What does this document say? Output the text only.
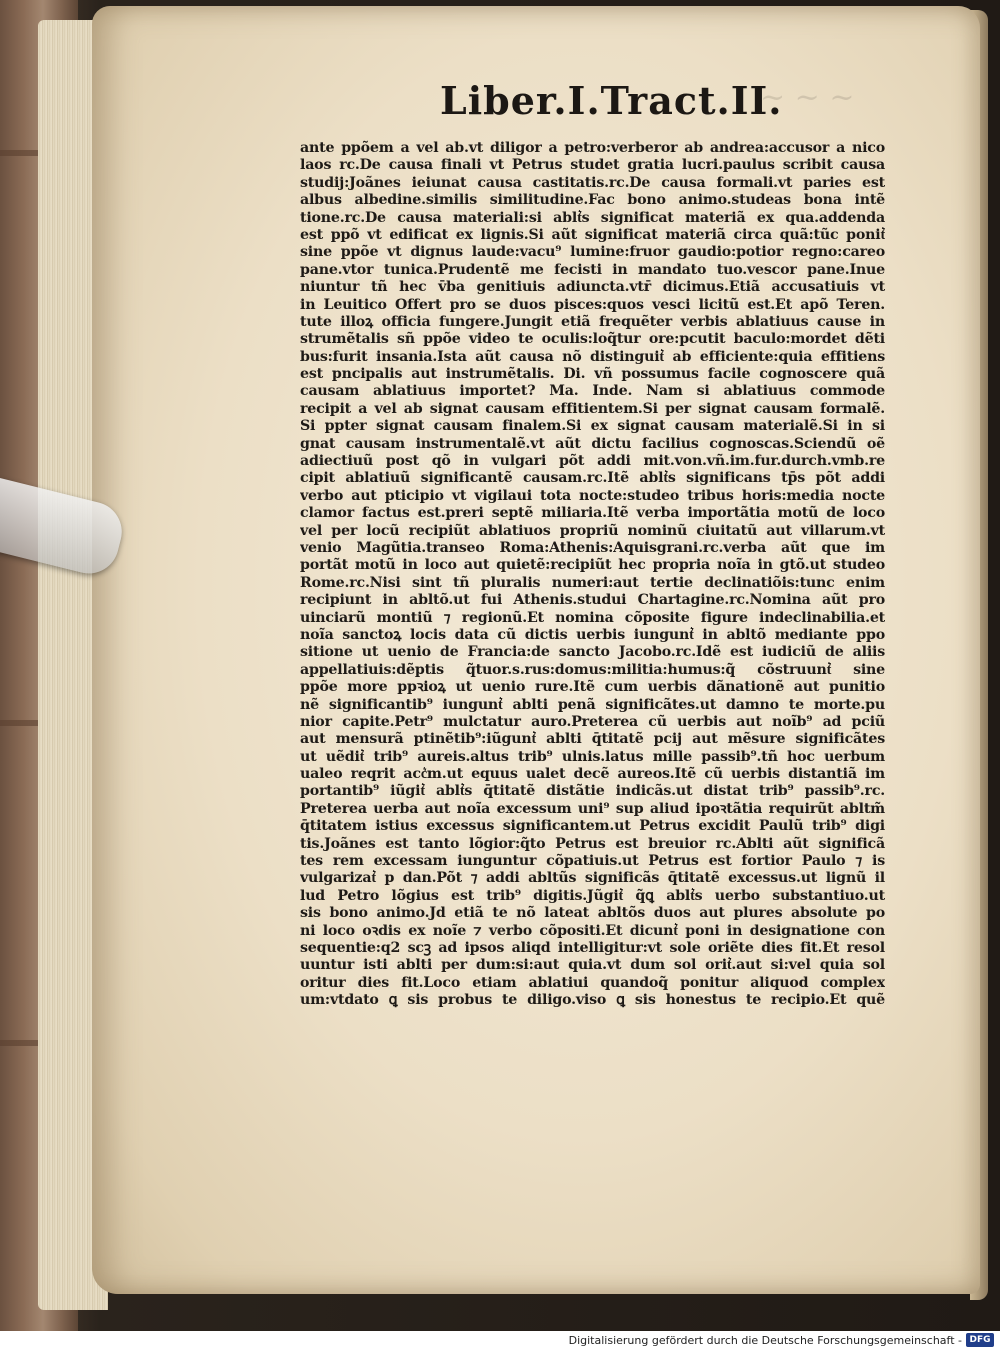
Liber.I.Tract.II.
~ ~ ~
ante ppõem a vel ab.vt diligor a petro:verberor ab andrea:accusor a nico
laos rc.De causa finali vt Petrus studet gratia lucri.paulus scribit causa
studij:Joãnes ieiunat causa castitatis.rc.De causa formali.vt paries est
albus albedine.similis similitudine.Fac bono animo.studeas bona intẽ
tione.rc.De causa materiali:si ablt͛s significat materiã ex qua.addenda
est ppõ vt edificat ex lignis.Si aũt significat materiã circa quã:tũc ponit͛
sine ppõe vt dignus laude:vacu⁹ lumine:fruor gaudio:potior regno:careo
pane.vtor tunica.Prudentẽ me fecisti in mandato tuo.vescor pane.Inue
niuntur tñ hec v̄ba genitiuis adiuncta.vtr̄ dicimus.Etiã accusatiuis vt
in Leuitico Offert pro se duos pisces:quos vesci licitũ est.Et apõ Teren.
tute illoꝝ officia fungere.Jungit etiã frequẽter verbis ablatiuus cause in
strumẽtalis sñ ppõe video te oculis:loq̃tur ore:pcutit baculo:mordet dẽti
bus:furit insania.Ista aũt causa nõ distinguit͛ ab efficiente:quia effitiens
est pncipalis aut instrumẽtalis. Di. vñ possumus facile cognoscere quã
causam ablatiuus importet? Ma. Inde. Nam si ablatiuus commode
recipit a vel ab signat causam effitientem.Si per signat causam formalẽ.
Si ppter signat causam finalem.Si ex signat causam materialẽ.Si in si
gnat causam instrumentalẽ.vt aũt dictu facilius cognoscas.Sciendũ oẽ
adiectiuũ post qõ in vulgari põt addi mit.von.vñ.im.fur.durch.vmb.re
cipit ablatiuũ significantẽ causam.rc.Itẽ ablt͛s significans tp̄s põt addi
verbo aut pticipio vt vigilaui tota nocte:studeo tribus horis:media nocte
clamor factus est.preri septẽ miliaria.Itẽ verba importãtia motũ de loco
vel per locũ recipiũt ablatiuos propriũ nominũ ciuitatũ aut villarum.vt
venio Magũtia.transeo Roma:Athenis:Aquisgrani.rc.verba aũt que im
portãt motũ in loco aut quietẽ:recipiũt hec propria noĩa in gtõ.ut studeo
Rome.rc.Nisi sint tñ pluralis numeri:aut tertie declinatiõis:tunc enim
recipiunt in abltõ.ut fui Athenis.studui Chartagine.rc.Nomina aũt pro
uinciarũ montiũ ⁊ regionũ.Et nomina cõposite figure indeclinabilia.et
noĩa sanctoꝝ locis data cũ dictis uerbis iungunt͛ in abltõ mediante ppo
sitione ut uenio de Francia:de sancto Jacobo.rc.Idẽ est iudiciũ de aliis
appellatiuis:dẽptis q̃tuor.s.rus:domus:militia:humus:q̃ cõstruunt͛ sine
ppõe more ppꝛioꝝ ut uenio rure.Itẽ cum uerbis dãnationẽ aut punitio
nẽ significantib⁹ iungunt͛ ablti penã significãtes.ut damno te morte.pu
nior capite.Petr⁹ mulctatur auro.Preterea cũ uerbis aut noĩb⁹ ad pciũ
aut mensurã ptinẽtib⁹:iũgunt͛ ablti q̄titatẽ pcij aut mẽsure significãtes
ut uẽdit͛ trib⁹ aureis.altus trib⁹ ulnis.latus mille passib⁹.tñ hoc uerbum
ualeo reqrit acc͛m.ut equus ualet decẽ aureos.Itẽ cũ uerbis distantiã im
portantib⁹ iũgit͛ ablt͛s q̄titatẽ distãtie indicãs.ut distat trib⁹ passib⁹.rc.
Preterea uerba aut noĩa excessum uni⁹ sup aliud ipoꝛtãtia requirũt abltm̃
q̄titatem istius excessus significantem.ut Petrus excidit Paulũ trib⁹ digi
tis.Joãnes est tanto lõgior:q̃to Petrus est breuior rc.Ablti aũt significã
tes rem excessam iunguntur cõpatiuis.ut Petrus est fortior Paulo ⁊ is
vulgarizat͛ p dan.Põt ⁊ addi abltũs significãs q̄titatẽ excessus.ut lignũ il
lud Petro lõgius est trib⁹ digitis.Jũgit͛ q̃ꝗ ablt͛s uerbo substantiuo.ut
sis bono animo.Jd etiã te nõ lateat abltõs duos aut plures absolute po
ni loco oꝛdis ex noĩe ⁊ verbo cõpositi.Et dicunt͛ poni in designatione con
sequentie:q2 scꝫ ad ipsos aliqd intelligitur:vt sole oriẽte dies fit.Et resol
uuntur isti ablti per dum:si:aut quia.vt dum sol orit͛.aut si:vel quia sol
oritur dies fit.Loco etiam ablatiui quandoq̃ ponitur aliquod complex
um:vtdato ꝗ sis probus te diligo.viso ꝗ sis honestus te recipio.Et quẽ
Digitalisierung gefördert durch die Deutsche Forschungsgemeinschaft - DFG
